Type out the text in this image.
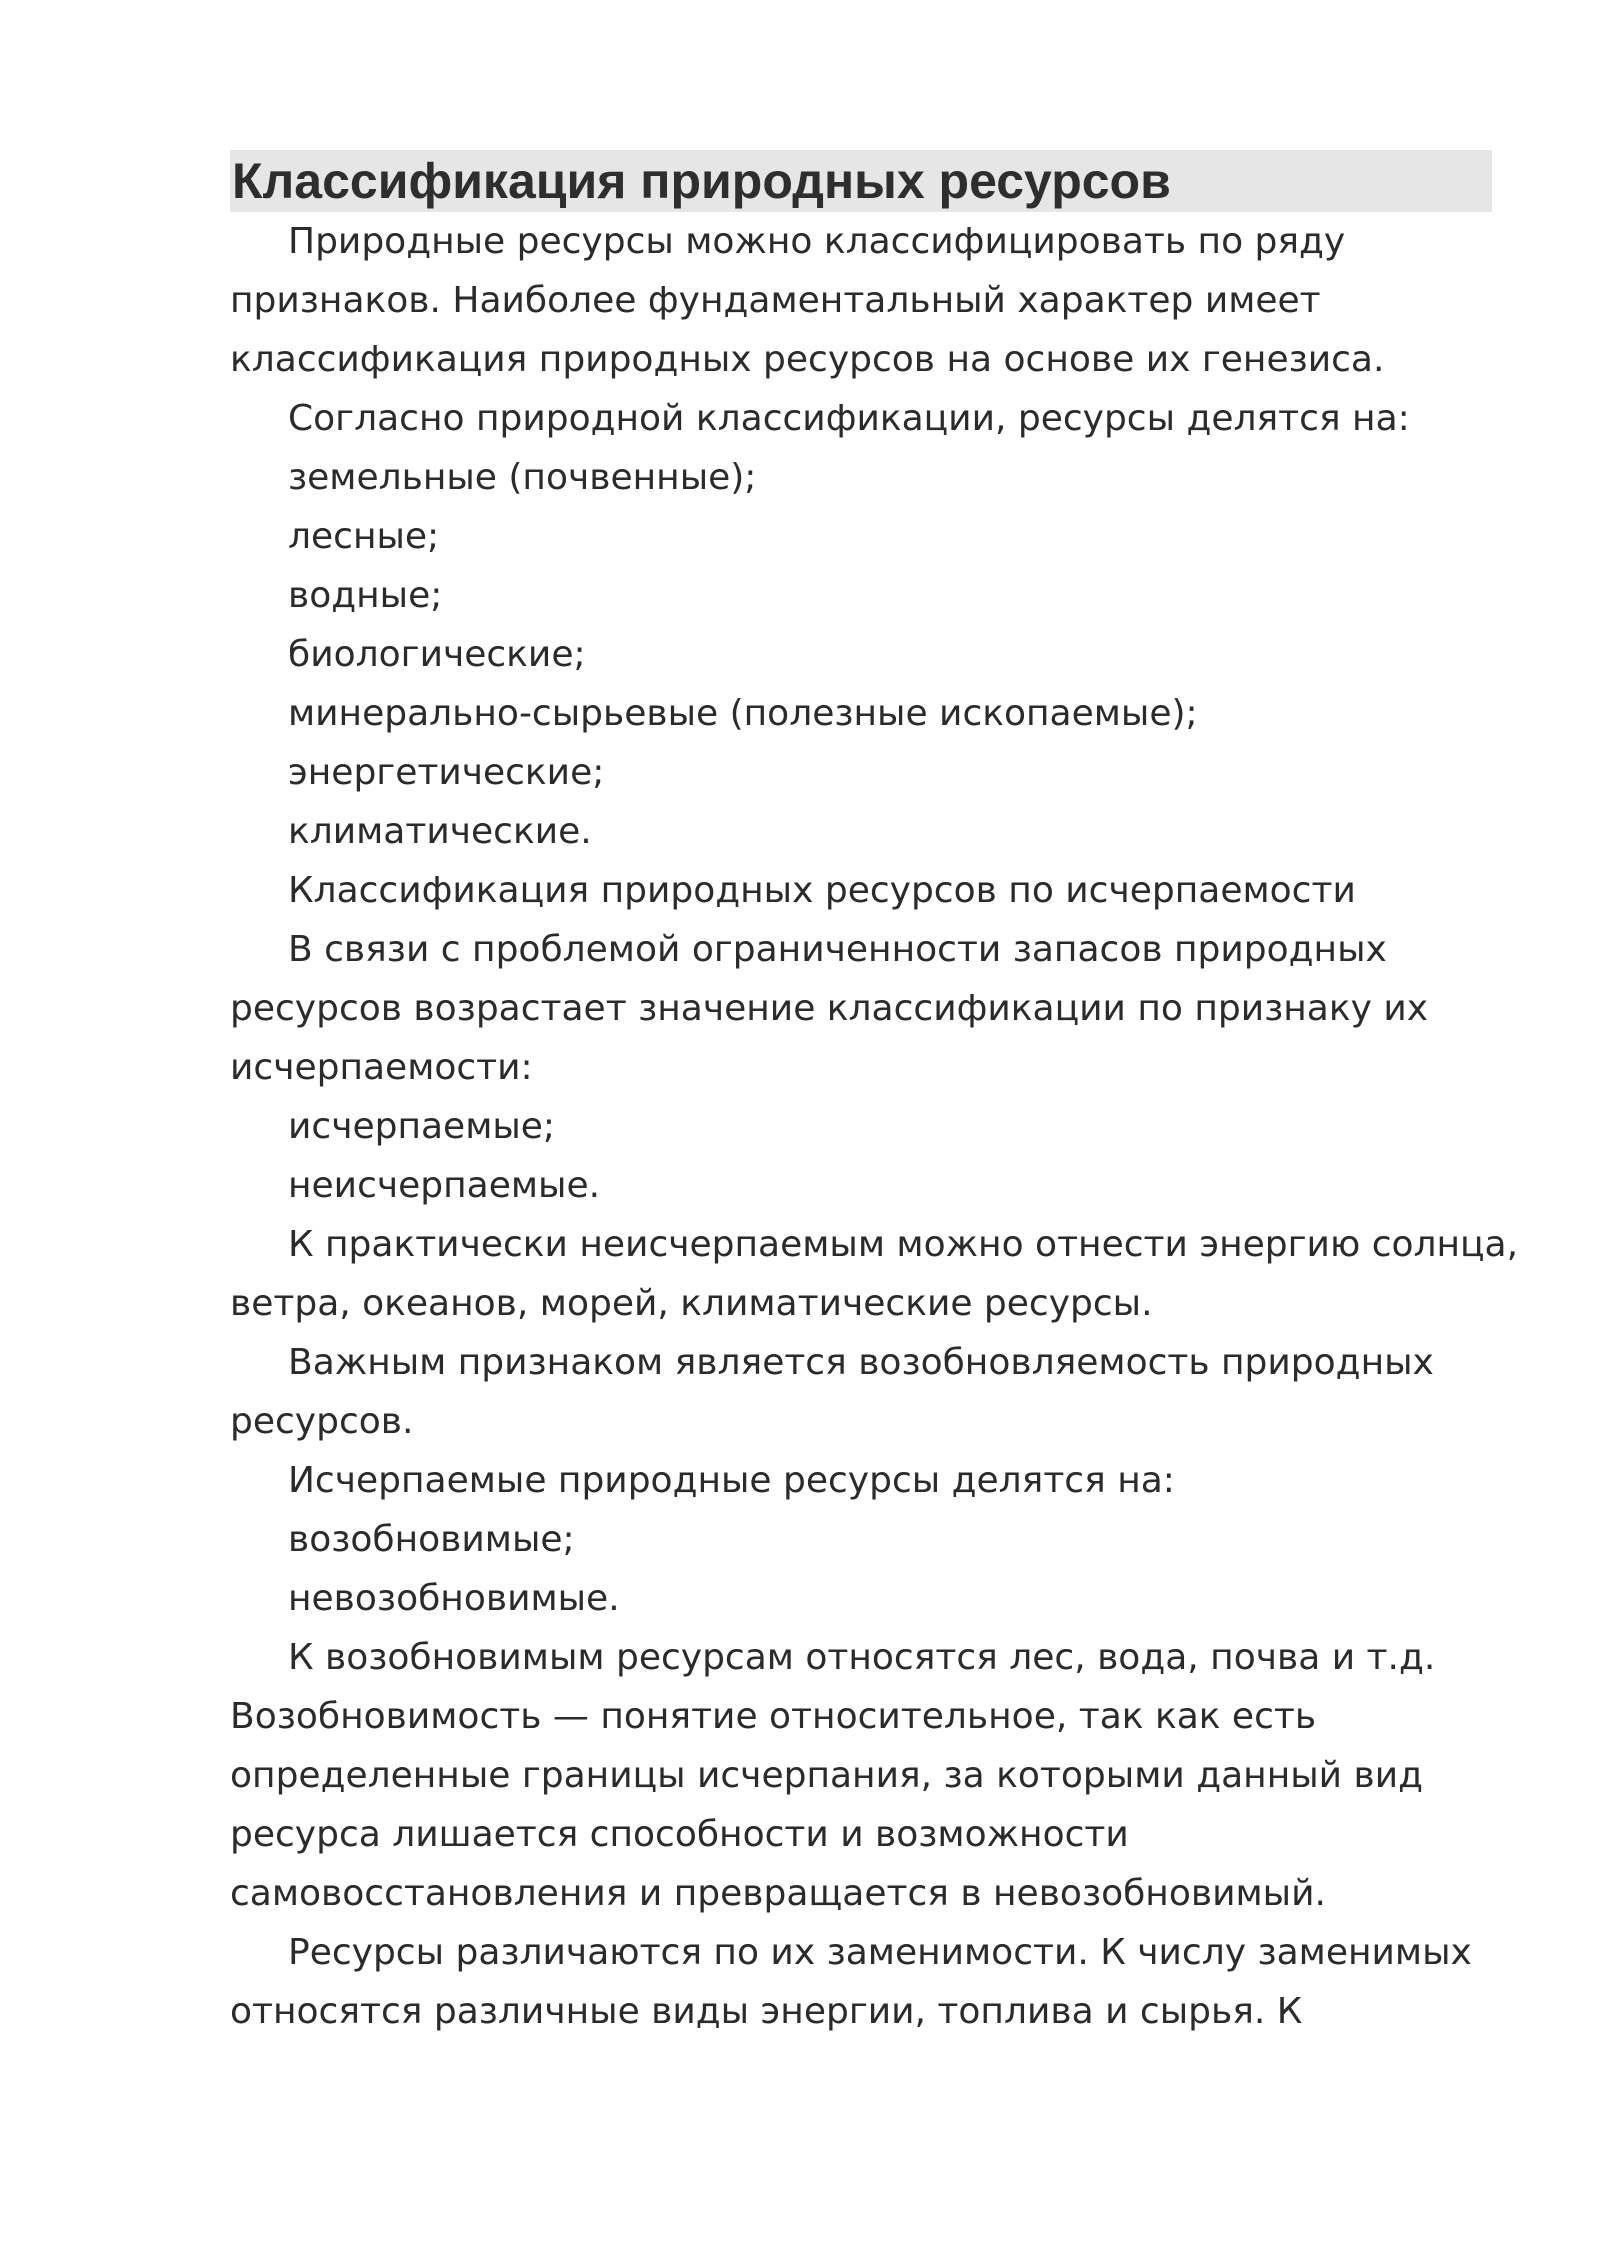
Классификация природных ресурсов

Природные ресурсы можно классифицировать по ряду

признаков. Наиболее фундаментальный характер имеет

классификация природных ресурсов на основе их генезиса.

Согласно природной классификации, ресурсы делятся на:

земельные (почвенные);

лесные;

водные;

биологические;

минерально-сырьевые (полезные ископаемые);

энергетические;

климатические.

Классификация природных ресурсов по исчерпаемости

В связи с проблемой ограниченности запасов природных

ресурсов возрастает значение классификации по признаку их

исчерпаемости:

исчерпаемые;

неисчерпаемые.

К практически неисчерпаемым можно отнести энергию солнца,

ветра, океанов, морей, климатические ресурсы.

Важным признаком является возобновляемость природных

ресурсов.

Исчерпаемые природные ресурсы делятся на:

возобновимые;

невозобновимые.

К возобновимым ресурсам относятся лес, вода, почва и т.д.

Возобновимость — понятие относительное, так как есть

определенные границы исчерпания, за которыми данный вид

ресурса лишается способности и возможности

самовосстановления и превращается в невозобновимый.

Ресурсы различаются по их заменимости. К числу заменимых

относятся различные виды энергии, топлива и сырья. К
